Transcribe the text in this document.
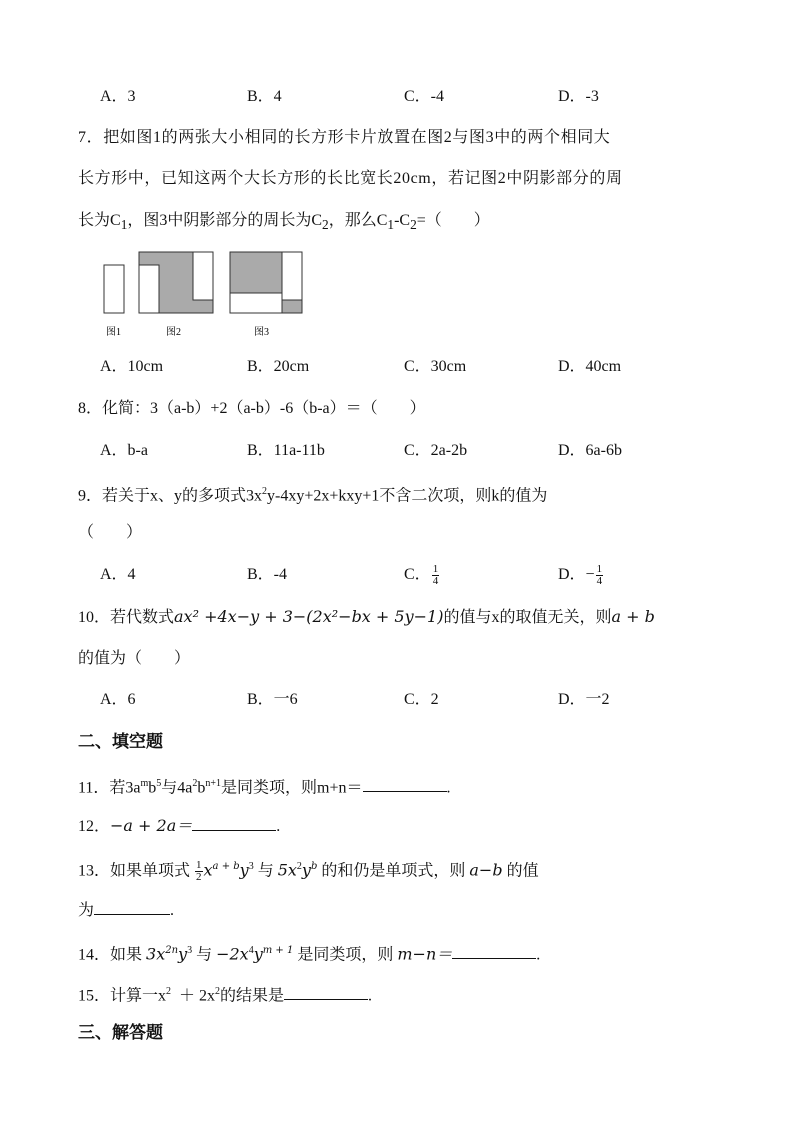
A．3	B．4	C．-4	D．-3
7．把如图1的两张大小相同的长方形卡片放置在图2与图3中的两个相同大
长方形中，已知这两个大长方形的长比宽长20cm，若记图2中阴影部分的周
长为$C_1$，图3中阴影部分的周长为$C_2$，那么$C_1-C_2=$（　　）
图1	图2	图3
A．10cm	B．20cm	C．30cm	D．40cm
8．化简：3（a-b）+2（a-b）-6（b-a）＝（　　）
A．b-a	B．11a-11b	C．2a-2b	D．6a-6b
9．若关于x、y的多项式$3x^2y-4xy+2x+kxy+1$不含二次项，则k的值为
（　　）
A．4	B．-4	C． $\frac{1}{4}$	D．− $\frac{1}{4}$
10．若代数式ax² +4x−y + 3−(2x²−bx + 5y−1)的值与x的取值无关，则a + b
的值为（　　）
A．6	B．一6	C．2	D．一2
二、填空题
11．若$3a^mb^5$与$4a^2b^{n+1}$是同类项，则m+n＝	.
12．−a + 2a＝	.
13．如果单项式 $\frac{1}{2} x^{a + b}y^3$ 与 $5x^2y^b$ 的和仍是单项式，则 a−b 的值
为	.
14．如果 $3x^{2n}y^3$ 与 $-2x^4y^{m + 1}$ 是同类项，则 m−n＝	.
15．计算一$x^2 + 2x^2$的结果是	.
三、解答题
